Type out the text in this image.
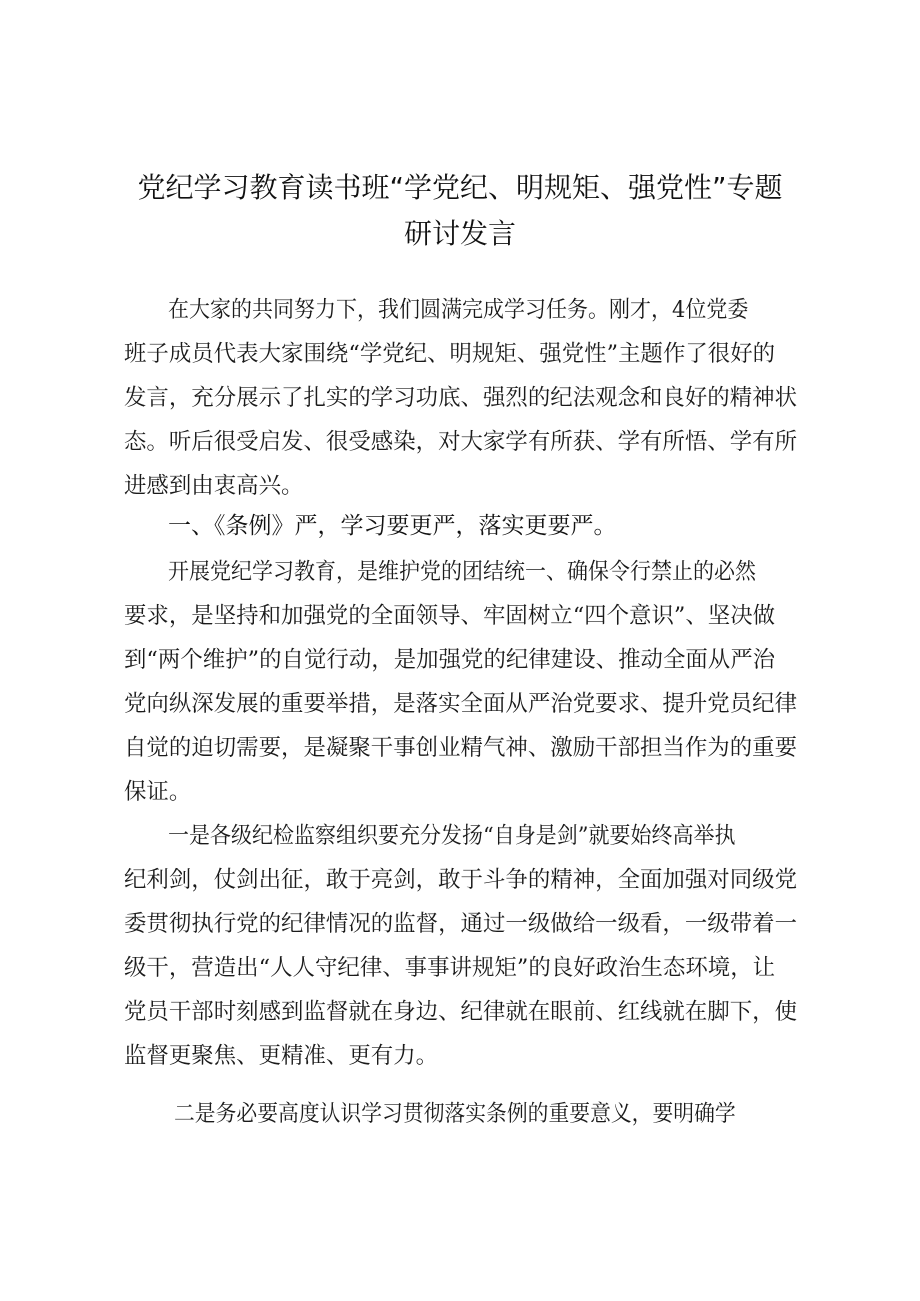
党纪学习教育读书班“学党纪、明规矩、强党性”专题
研讨发言
在大家的共同努力下，我们圆满完成学习任务。刚才，4位党委
班子成员代表大家围绕“学党纪、明规矩、强党性”主题作了很好的
发言，充分展示了扎实的学习功底、强烈的纪法观念和良好的精神状
态。听后很受启发、很受感染，对大家学有所获、学有所悟、学有所
进感到由衷高兴。
一、《条例》严，学习要更严，落实更要严。
开展党纪学习教育，是维护党的团结统一、确保令行禁止的必然
要求，是坚持和加强党的全面领导、牢固树立“四个意识”、坚决做
到“两个维护”的自觉行动，是加强党的纪律建设、推动全面从严治
党向纵深发展的重要举措，是落实全面从严治党要求、提升党员纪律
自觉的迫切需要，是凝聚干事创业精气神、激励干部担当作为的重要
保证。
一是各级纪检监察组织要充分发扬“自身是剑”就要始终高举执
纪利剑，仗剑出征，敢于亮剑，敢于斗争的精神，全面加强对同级党
委贯彻执行党的纪律情况的监督，通过一级做给一级看，一级带着一
级干，营造出“人人守纪律、事事讲规矩”的良好政治生态环境，让
党员干部时刻感到监督就在身边、纪律就在眼前、红线就在脚下，使
监督更聚焦、更精准、更有力。
二是务必要高度认识学习贯彻落实条例的重要意义，要明确学
